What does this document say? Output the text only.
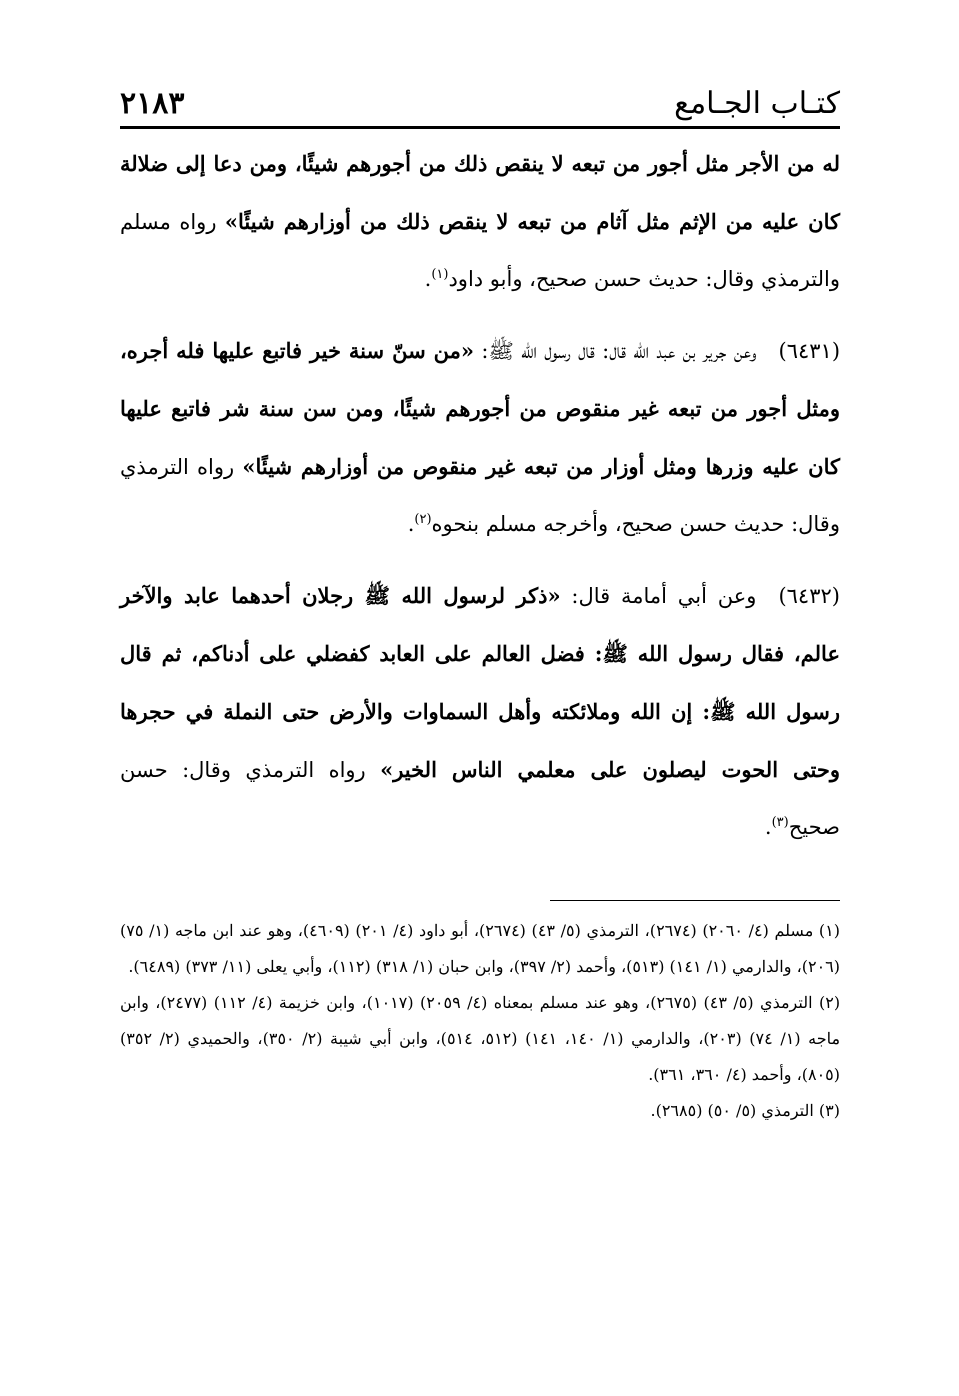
كتـاب الجـامع
٢١٨٣

له من الأجر مثل أجور من تبعه لا ينقص ذلك من أجورهم شيئًا، ومن دعا إلى ضلالة كان عليه من الإثم مثل آثام من تبعه لا ينقص ذلك من أوزارهم شيئًا» رواه مسلم والترمذي وقال: حديث حسن صحيح، وأبو داود$^{(١)}$.

(٦٤٣١)وعن جرير بن عبد الله قال: قال رسول الله ﷺ: «من سنّ سنة خير فاتبع عليها فله أجره، ومثل أجور من تبعه غير منقوص من أجورهم شيئًا، ومن سن سنة شر فاتبع عليها كان عليه وزرها ومثل أوزار من تبعه غير منقوص من أوزارهم شيئًا» رواه الترمذي وقال: حديث حسن صحيح، وأخرجه مسلم بنحوه$^{(٢)}$.

(٦٤٣٢)وعن أبي أمامة قال: «ذكر لرسول الله ﷺ رجلان أحدهما عابد والآخر عالم، فقال رسول الله ﷺ: فضل العالم على العابد كفضلي على أدناكم، ثم قال رسول الله ﷺ: إن الله وملائكته وأهل السماوات والأرض حتى النملة في حجرها وحتى الحوت ليصلون على معلمي الناس الخير» رواه الترمذي وقال: حسن صحيح$^{(٣)}$.

(١) مسلم (٤/ ٢٠٦٠) (٢٦٧٤)، الترمذي (٥/ ٤٣) (٢٦٧٤)، أبو داود (٤/ ٢٠١) (٤٦٠٩)، وهو عند ابن ماجه (١/ ٧٥) (٢٠٦)، والدارمي (١/ ١٤١) (٥١٣)، وأحمد (٢/ ٣٩٧)، وابن حبان (١/ ٣١٨) (١١٢)، وأبي يعلى (١١/ ٣٧٣) (٦٤٨٩).

(٢) الترمذي (٥/ ٤٣) (٢٦٧٥)، وهو عند مسلم بمعناه (٤/ ٢٠٥٩) (١٠١٧)، وابن خزيمة (٤/ ١١٢) (٢٤٧٧)، وابن ماجه (١/ ٧٤) (٢٠٣)، والدارمي (١/ ١٤٠، ١٤١) (٥١٢، ٥١٤)، وابن أبي شيبة (٢/ ٣٥٠)، والحميدي (٢/ ٣٥٢) (٨٠٥)، وأحمد (٤/ ٣٦٠، ٣٦١).

(٣) الترمذي (٥/ ٥٠) (٢٦٨٥).
